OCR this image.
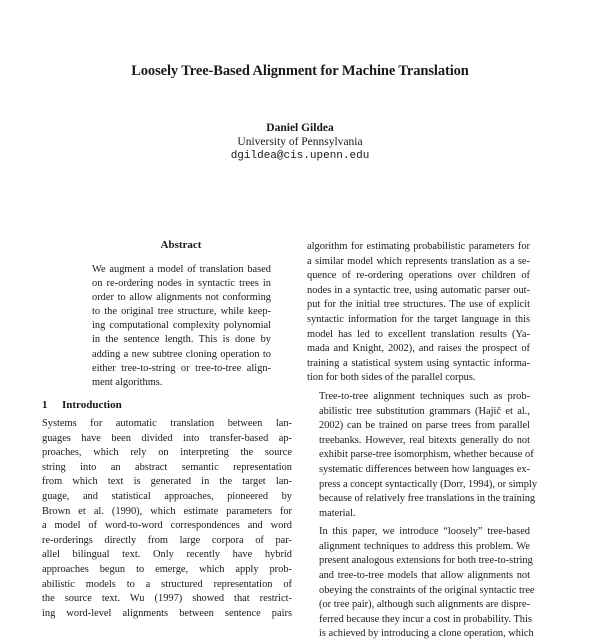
Loosely Tree-Based Alignment for Machine Translation
Daniel Gildea
University of Pennsylvania
dgildea@cis.upenn.edu
Abstract
We augment a model of translation based
on re-ordering nodes in syntactic trees in
order to allow alignments not conforming
to the original tree structure, while keep-
ing computational complexity polynomial
in the sentence length. This is done by
adding a new subtree cloning operation to
either tree-to-string or tree-to-tree align-
ment algorithms.
1 Introduction
Systems for automatic translation between lan-
guages have been divided into transfer-based ap-
proaches, which rely on interpreting the source
string into an abstract semantic representation
from which text is generated in the target lan-
guage, and statistical approaches, pioneered by
Brown et al. (1990), which estimate parameters for
a model of word-to-word correspondences and word
re-orderings directly from large corpora of par-
allel bilingual text. Only recently have hybrid
approaches begun to emerge, which apply prob-
abilistic models to a structured representation of
the source text. Wu (1997) showed that restrict-
ing word-level alignments between sentence pairs

algorithm for estimating probabilistic parameters for
a similar model which represents translation as a se-
quence of re-ordering operations over children of
nodes in a syntactic tree, using automatic parser out-
put for the initial tree structures. The use of explicit
syntactic information for the target language in this
model has led to excellent translation results (Ya-
mada and Knight, 2002), and raises the prospect of
training a statistical system using syntactic informa-
tion for both sides of the parallel corpus.

Tree-to-tree alignment techniques such as prob-
abilistic tree substitution grammars (Hajič et al.,
2002) can be trained on parse trees from parallel
treebanks. However, real bitexts generally do not
exhibit parse-tree isomorphism, whether because of
systematic differences between how languages ex-
press a concept syntactically (Dorr, 1994), or simply
because of relatively free translations in the training
material.

In this paper, we introduce “loosely” tree-based
alignment techniques to address this problem. We
present analogous extensions for both tree-to-string
and tree-to-tree models that allow alignments not
obeying the constraints of the original syntactic tree
(or tree pair), although such alignments are dispre-
ferred because they incur a cost in probability. This
is achieved by introducing a clone operation, which
